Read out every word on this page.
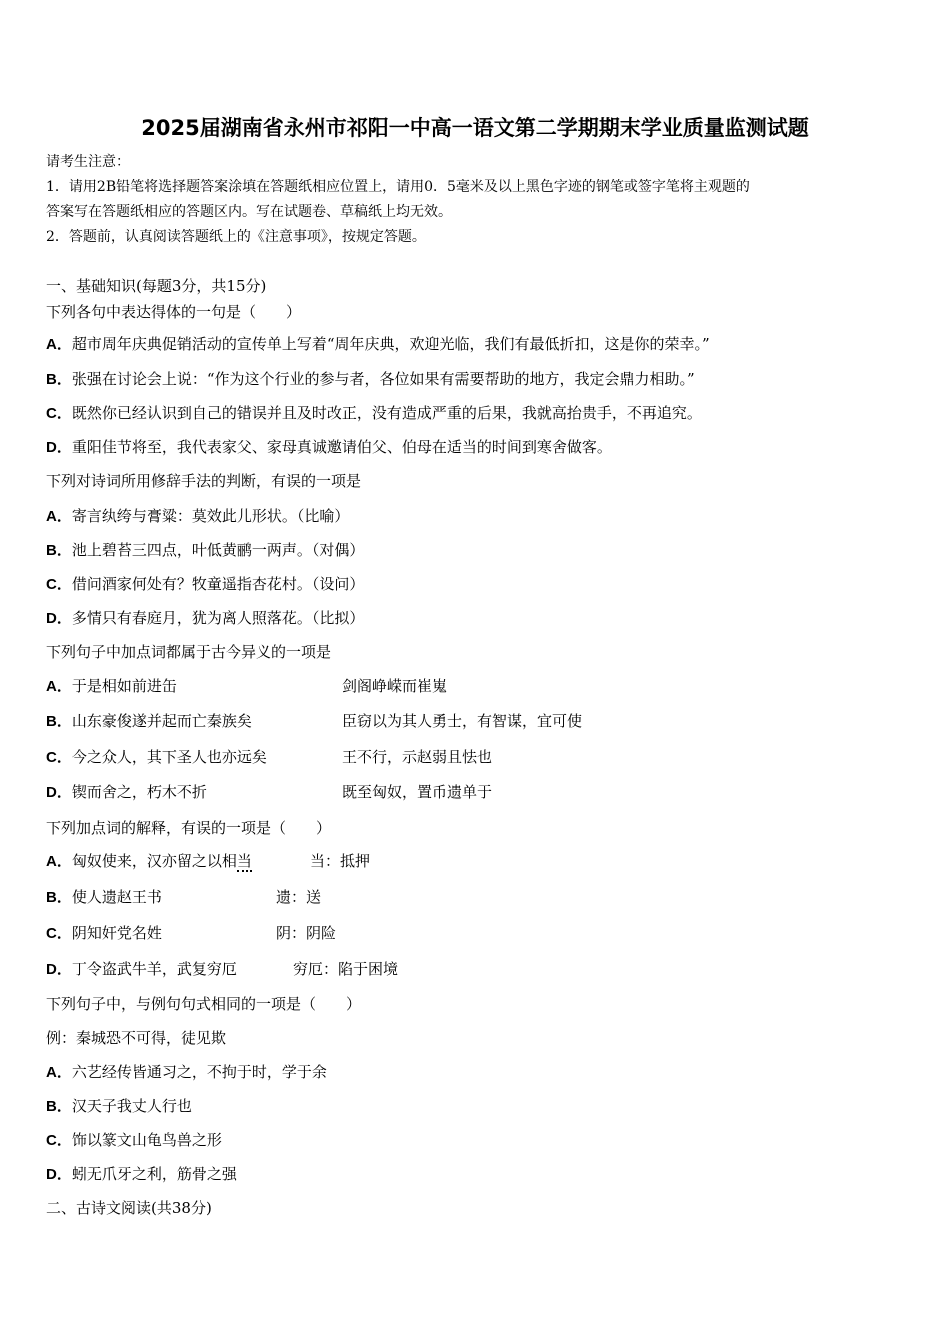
2025届湖南省永州市祁阳一中高一语文第二学期期末学业质量监测试题
请考生注意：
1．请用2B铅笔将选择题答案涂填在答题纸相应位置上，请用0．5毫米及以上黑色字迹的钢笔或签字笔将主观题的
答案写在答题纸相应的答题区内。写在试题卷、草稿纸上均无效。
2．答题前，认真阅读答题纸上的《注意事项》，按规定答题。
一、基础知识(每题3分，共15分)
下列各句中表达得体的一句是（　　）
A．超市周年庆典促销活动的宣传单上写着“周年庆典，欢迎光临，我们有最低折扣，这是你的荣幸。”
B．张强在讨论会上说：“作为这个行业的参与者，各位如果有需要帮助的地方，我定会鼎力相助。”
C．既然你已经认识到自己的错误并且及时改正，没有造成严重的后果，我就高抬贵手，不再追究。
D．重阳佳节将至，我代表家父、家母真诚邀请伯父、伯母在适当的时间到寒舍做客。
下列对诗词所用修辞手法的判断，有误的一项是
A．寄言纨绔与膏粱：莫效此儿形状。（比喻）
B．池上碧苔三四点，叶低黄鹂一两声。（对偶）
C．借问酒家何处有？牧童遥指杏花村。（设问）
D．多情只有春庭月，犹为离人照落花。（比拟）
下列句子中加点词都属于古今异义的一项是
A．于是相如前进缶	剑阁峥嵘而崔嵬
B．山东豪俊遂并起而亡秦族矣	臣窃以为其人勇士，有智谋，宜可使
C．今之众人，其下圣人也亦远矣	王不行，示赵弱且怯也
D．锲而舍之，朽木不折	既至匈奴，置币遗单于
下列加点词的解释，有误的一项是（　　）
A．匈奴使来，汉亦留之以相当	当：抵押
B．使人遗赵王书	遗：送
C．阴知奸党名姓	阴：阴险
D．丁令盗武牛羊，武复穷厄	穷厄：陷于困境
下列句子中，与例句句式相同的一项是（　　）
例：秦城恐不可得，徒见欺
A．六艺经传皆通习之，不拘于时，学于余
B．汉天子我丈人行也
C．饰以篆文山龟鸟兽之形
D．蚓无爪牙之利，筋骨之强
二、古诗文阅读(共38分)
